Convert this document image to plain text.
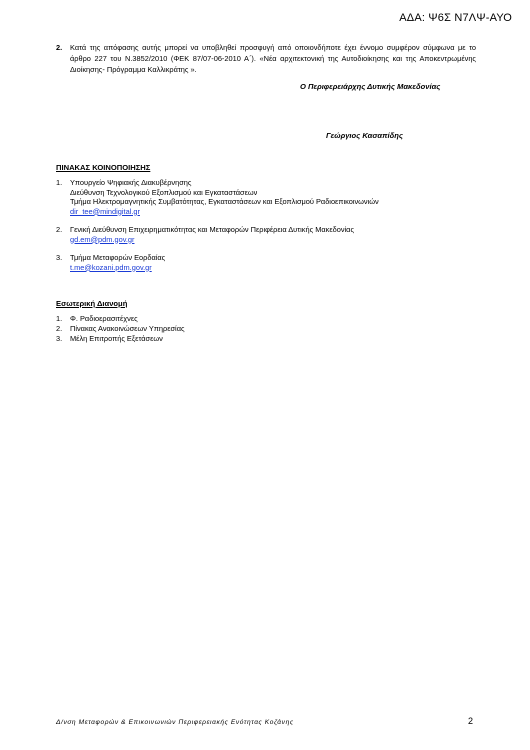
ΑΔΑ: Ψ6Σ Ν7ΛΨ-ΑΥΟ
2. Κατά της απόφασης αυτής μπορεί να υποβληθεί προσφυγή από οποιονδήποτε έχει έννομο συμφέρον σύμφωνα με το άρθρο 227 του Ν.3852/2010 (ΦΕΚ 87/07-06-2010 Α΄). «Νέα αρχιτεκτονική της Αυτοδιοίκησης και της Αποκεντρωμένης Διοίκησης- Πρόγραμμα Καλλικράτης ».
Ο Περιφερειάρχης Δυτικής Μακεδονίας
Γεώργιος Κασαπίδης
ΠΙΝΑΚΑΣ ΚΟΙΝΟΠΟΙΗΣΗΣ
1. Υπουργείο Ψηφιακής Διακυβέρνησης
Διεύθυνση Τεχνολογικού Εξοπλισμού και Εγκαταστάσεων
Τμήμα Ηλεκτρομαγνητικής Συμβατότητας, Εγκαταστάσεων και Εξοπλισμού Ραδιοεπικοινωνιών
dir_tee@mindigital.gr
2. Γενική Διεύθυνση Επιχειρηματικότητας και Μεταφορών Περιφέρεια Δυτικής Μακεδονίας
gd.em@pdm.gov.gr
3. Τμήμα Μεταφορών Εορδαίας
t.me@kozani.pdm.gov.gr
Εσωτερική Διανομή
1. Φ. Ραδιοερασιτέχνες
2. Πίνακας Ανακοινώσεων Υπηρεσίας
3. Μέλη Επιτροπής Εξετάσεων
Δ/νση Μεταφορών & Επικοινωνιών Περιφερειακής Ενότητας Κοζάνης	2
